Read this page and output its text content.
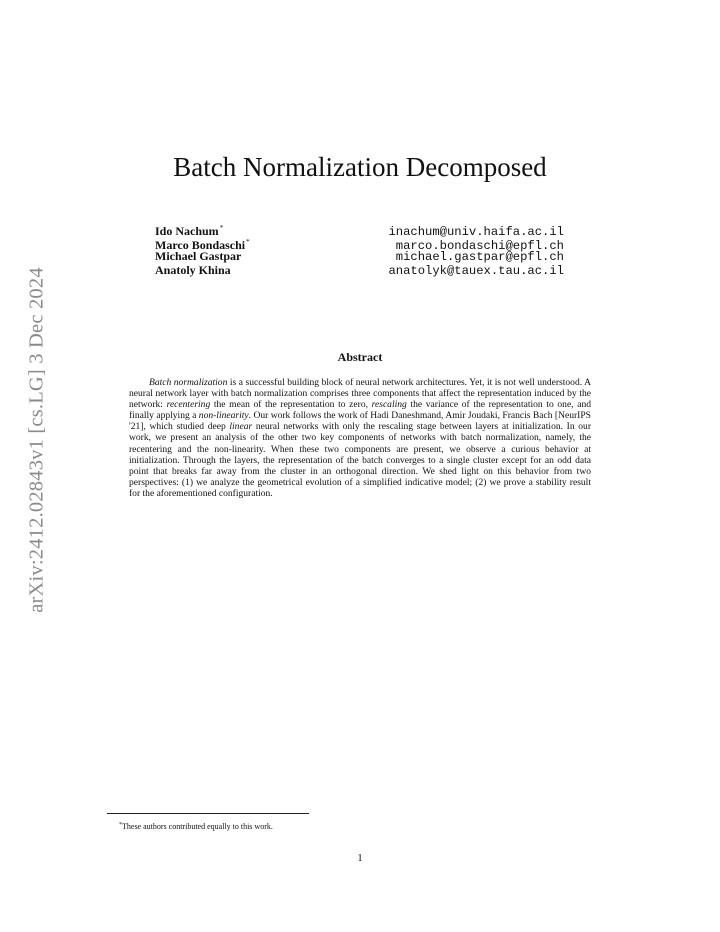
arXiv:2412.02843v1 [cs.LG] 3 Dec 2024
Batch Normalization Decomposed
Ido Nachum*	inachum@univ.haifa.ac.il
Marco Bondaschi*	marco.bondaschi@epfl.ch
Michael Gastpar	michael.gastpar@epfl.ch
Anatoly Khina	anatolyk@tauex.tau.ac.il
Abstract

Batch normalization is a successful building block of neural network architectures. Yet, it is not well understood. A neural network layer with batch normalization comprises three components that affect the representation induced by the network: recentering the mean of the representation to zero, rescaling the variance of the representation to one, and finally applying a non-linearity. Our work follows the work of Hadi Daneshmand, Amir Joudaki, Francis Bach [NeurIPS '21], which studied deep linear neural networks with only the rescaling stage between layers at initialization. In our work, we present an analysis of the other two key components of networks with batch normalization, namely, the recentering and the non-linearity. When these two components are present, we observe a curious behavior at initialization. Through the layers, the representation of the batch converges to a single cluster except for an odd data point that breaks far away from the cluster in an orthogonal direction. We shed light on this behavior from two perspectives: (1) we analyze the geometrical evolution of a simplified indicative model; (2) we prove a stability result for the aforementioned configuration.

*These authors contributed equally to this work.
1
